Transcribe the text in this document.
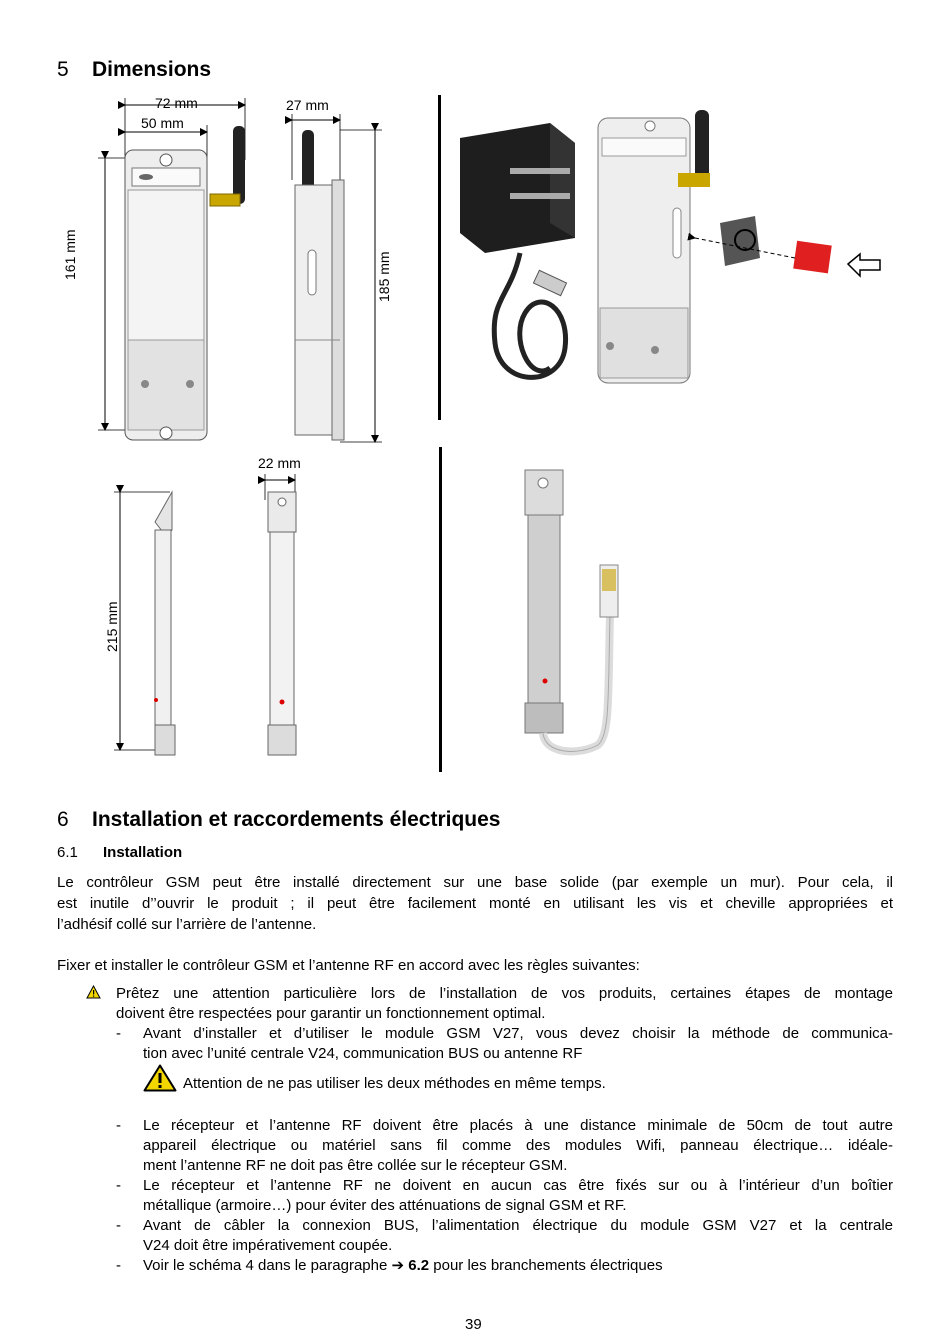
5 Dimensions
72 mm
50 mm
27 mm
161 mm	185 mm
22 mm
215 mm
6 Installation et raccordements électriques
6.1 Installation
Le contrôleur GSM peut être installé directement sur une base solide (par exemple un mur). Pour cela, il
est inutile d’’ouvrir le produit ; il peut être facilement monté en utilisant les vis et cheville appropriées et
l’adhésif collé sur l’arrière de l’antenne.
Fixer et installer le contrôleur GSM et l’antenne RF en accord avec les règles suivantes:
Prêtez une attention particulière lors de l’installation de vos produits, certaines étapes de montage
doivent être respectées pour garantir un fonctionnement optimal.
- Avant d’installer et d’utiliser le module GSM V27, vous devez choisir la méthode de communica-
tion avec l’unité centrale V24, communication BUS ou antenne RF
Attention de ne pas utiliser les deux méthodes en même temps.
- Le récepteur et l’antenne RF doivent être placés à une distance minimale de 50cm de tout autre
appareil électrique ou matériel sans fil comme des modules Wifi, panneau électrique… idéale-
ment l’antenne RF ne doit pas être collée sur le récepteur GSM.
- Le récepteur et l’antenne RF ne doivent en aucun cas être fixés sur ou à l’intérieur d’un boîtier
métallique (armoire…) pour éviter des atténuations de signal GSM et RF.
- Avant de câbler la connexion BUS, l’alimentation électrique du module GSM V27 et la centrale
V24 doit être impérativement coupée.
- Voir le schéma 4 dans le paragraphe ➔ 6.2 pour les branchements électriques
39
